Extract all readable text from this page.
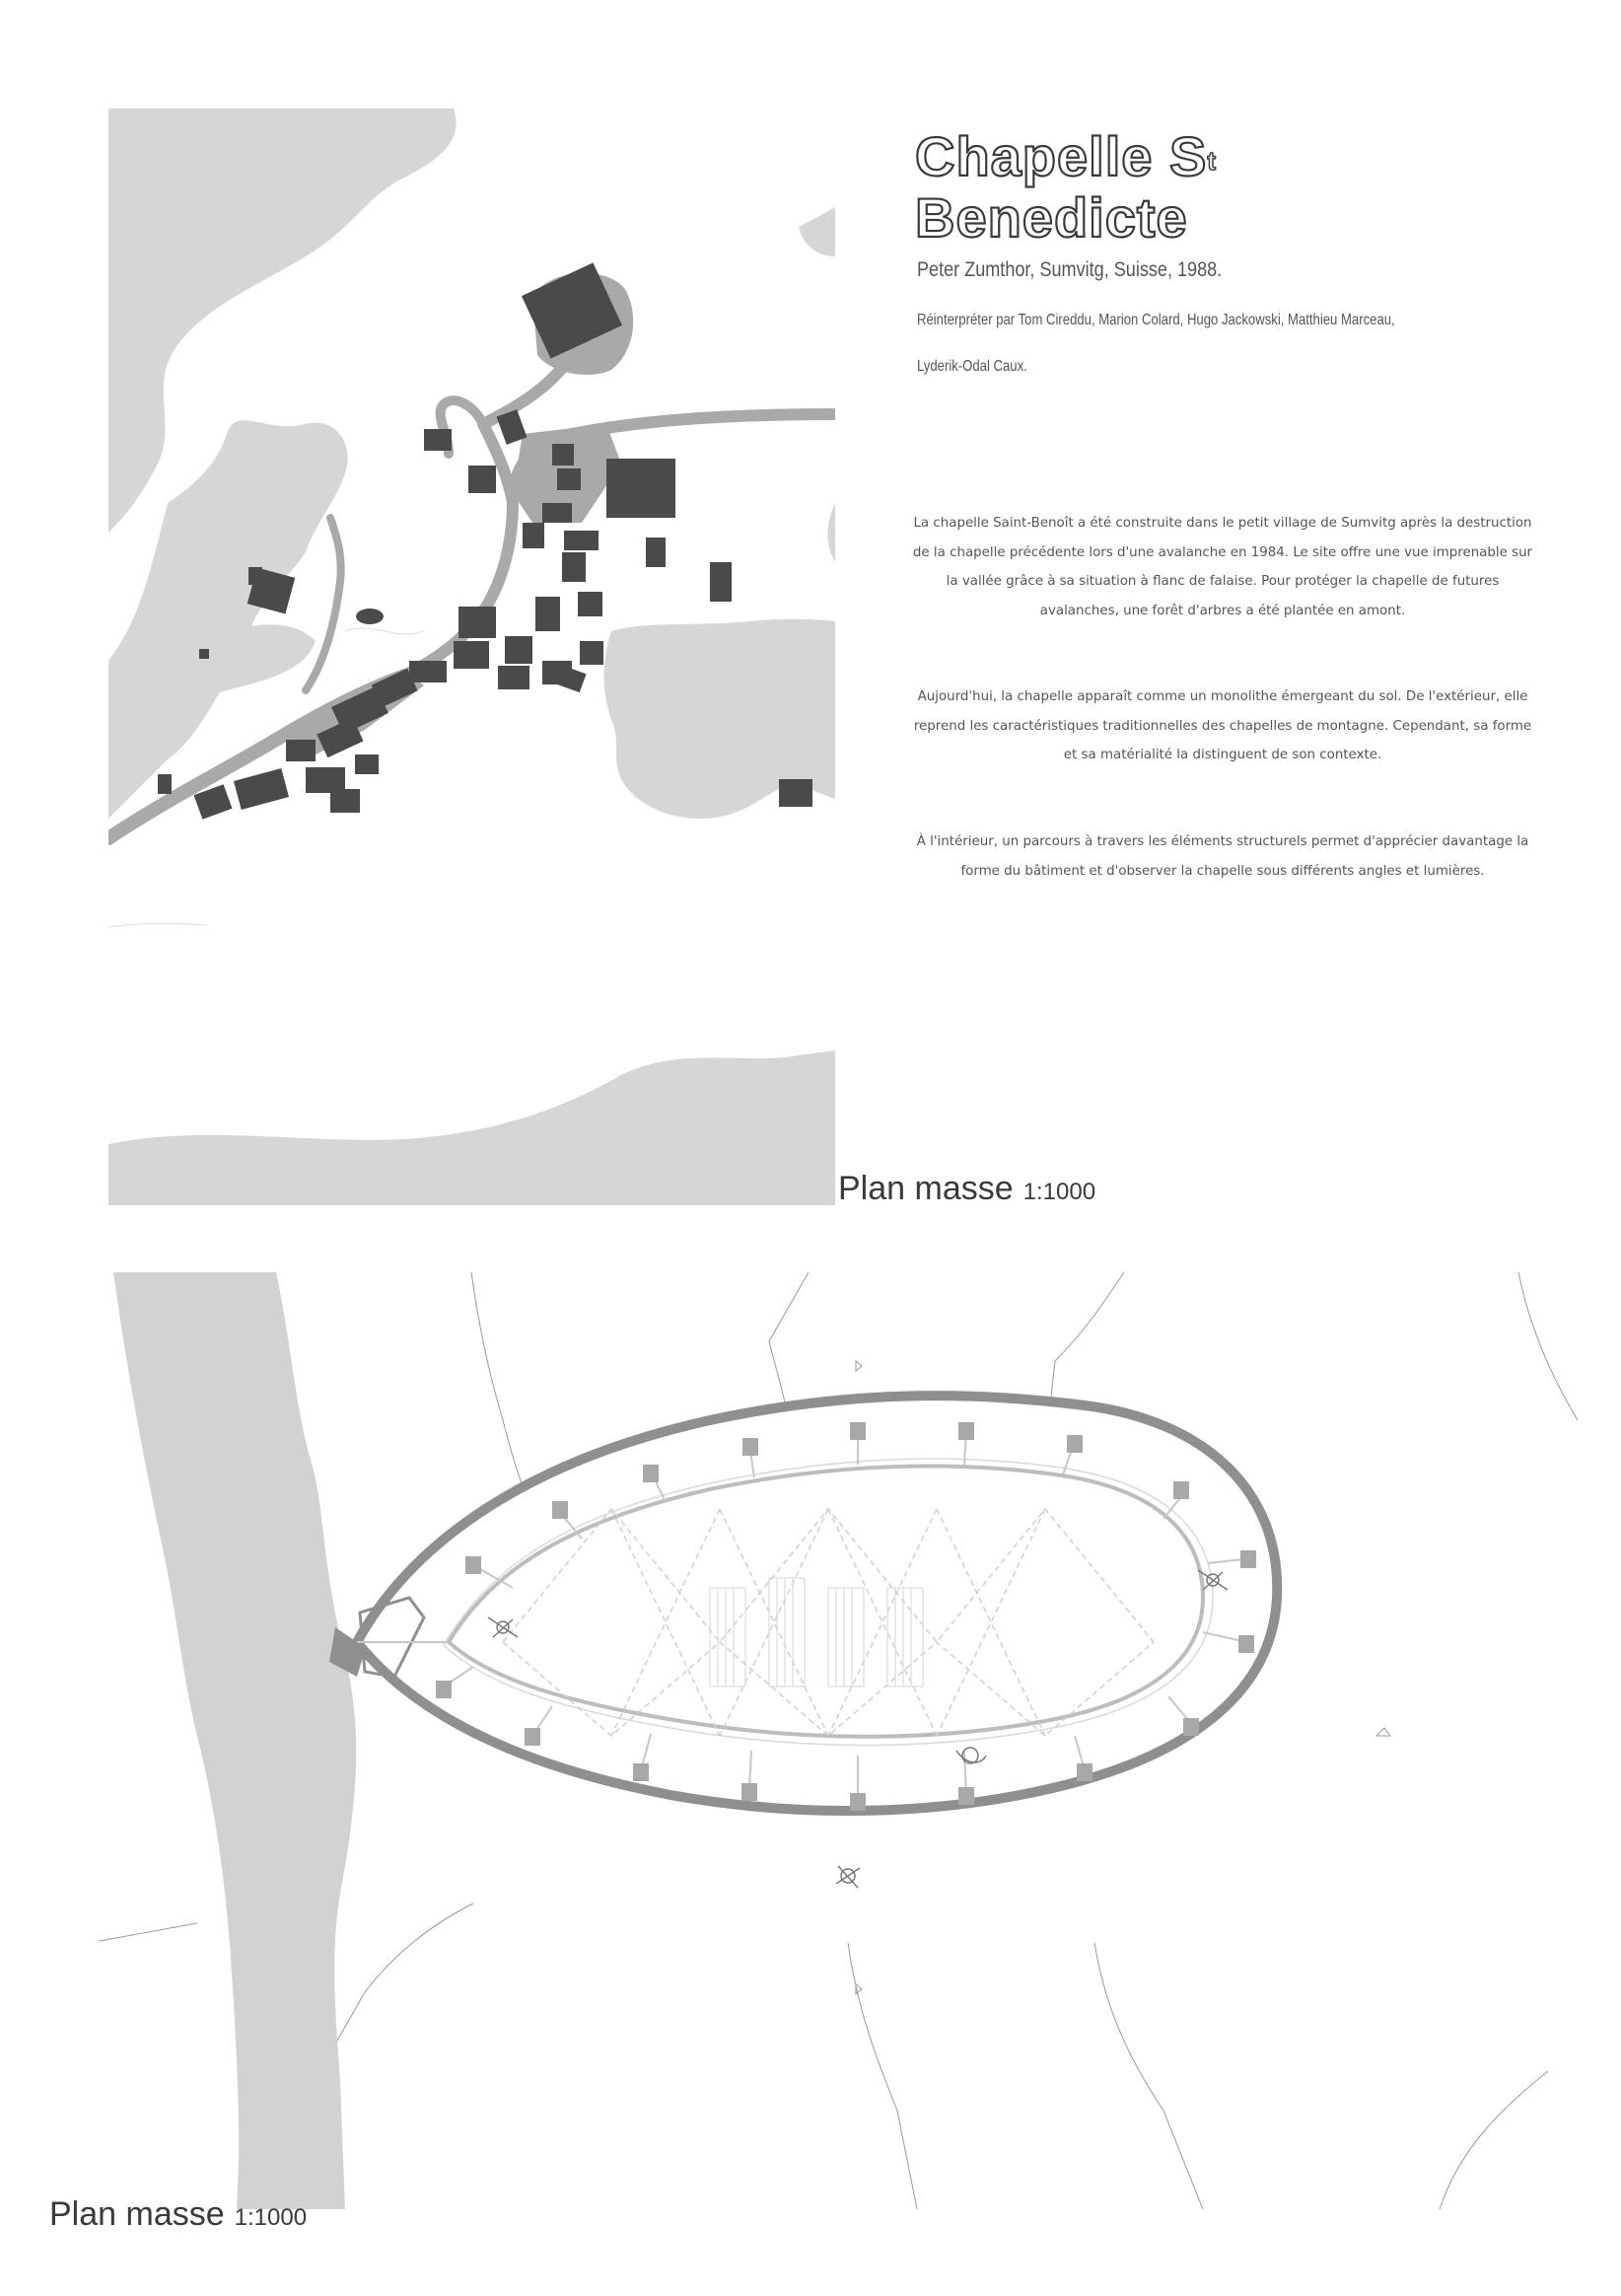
Chapelle $S^t$
Benedicte
Peter Zumthor, Sumvitg, Suisse, 1988.
Réinterpréter par Tom Cireddu, Marion Colard, Hugo Jackowski, Matthieu Marceau,
Lyderik-Odal Caux.

La chapelle Saint-Benoît a été construite dans le petit village de Sumvitg après la destruction de la chapelle précédente lors d'une avalanche en 1984. Le site offre une vue imprenable sur la vallée grâce à sa situation à flanc de falaise. Pour protéger la chapelle de futures avalanches, une forêt d'arbres a été plantée en amont.

Aujourd'hui, la chapelle apparaît comme un monolithe émergeant du sol. De l'extérieur, elle reprend les caractéristiques traditionnelles des chapelles de montagne. Cependant, sa forme et sa matérialité la distinguent de son contexte.

À l'intérieur, un parcours à travers les éléments structurels permet d'apprécier davantage la forme du bâtiment et d'observer la chapelle sous différents angles et lumières.

Plan masse 1:1000
Plan masse 1:1000
